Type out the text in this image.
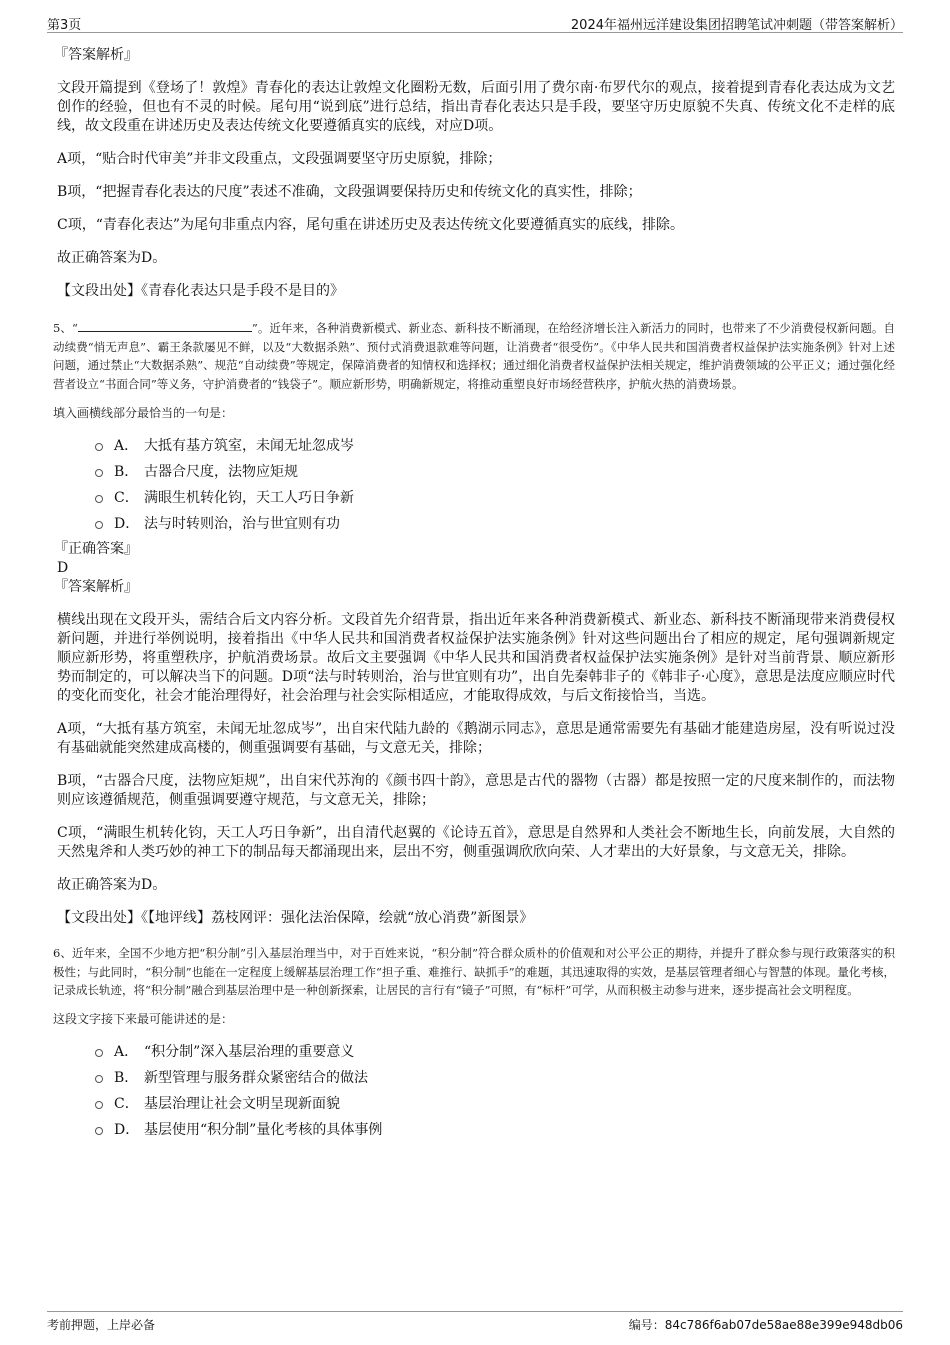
第3页	2024年福州远洋建设集团招聘笔试冲刺题（带答案解析）
『答案解析』

文段开篇提到《登场了！敦煌》青春化的表达让敦煌文化圈粉无数，后面引用了费尔南·布罗代尔的观点，接着提到青春化表达成为文艺创作的经验，但也有不灵的时候。尾句用“说到底”进行总结，指出青春化表达只是手段，要坚守历史原貌不失真、传统文化不走样的底线，故文段重在讲述历史及表达传统文化要遵循真实的底线，对应D项。

A项，“贴合时代审美”并非文段重点，文段强调要坚守历史原貌，排除；

B项，“把握青春化表达的尺度”表述不准确，文段强调要保持历史和传统文化的真实性，排除；

C项，“青春化表达”为尾句非重点内容，尾句重在讲述历史及表达传统文化要遵循真实的底线，排除。

故正确答案为D。

【文段出处】《青春化表达只是手段不是目的》

5、“	”。近年来，各种消费新模式、新业态、新科技不断涌现，在给经济增长注入新活力的同时，也带来了不少消费侵权新问题。自动续费“悄无声息”、霸王条款屡见不鲜，以及“大数据杀熟”、预付式消费退款难等问题，让消费者“很受伤”。《中华人民共和国消费者权益保护法实施条例》针对上述问题，通过禁止“大数据杀熟”、规范“自动续费”等规定，保障消费者的知情权和选择权；通过细化消费者权益保护法相关规定，维护消费领域的公平正义；通过强化经营者设立“书面合同”等义务，守护消费者的“钱袋子”。顺应新形势，明确新规定，将推动重塑良好市场经营秩序，护航火热的消费场景。

填入画横线部分最恰当的一句是：
A． 大抵有基方筑室，未闻无址忽成岑
B． 古器合尺度，法物应矩规
C． 满眼生机转化钧，天工人巧日争新
D． 法与时转则治，治与世宜则有功
『正确答案』
D
『答案解析』

横线出现在文段开头，需结合后文内容分析。文段首先介绍背景，指出近年来各种消费新模式、新业态、新科技不断涌现带来消费侵权新问题，并进行举例说明，接着指出《中华人民共和国消费者权益保护法实施条例》针对这些问题出台了相应的规定，尾句强调新规定顺应新形势，将重塑秩序，护航消费场景。故后文主要强调《中华人民共和国消费者权益保护法实施条例》是针对当前背景、顺应新形势而制定的，可以解决当下的问题。D项“法与时转则治，治与世宜则有功”，出自先秦韩非子的《韩非子·心度》，意思是法度应顺应时代的变化而变化，社会才能治理得好，社会治理与社会实际相适应，才能取得成效，与后文衔接恰当，当选。

A项，“大抵有基方筑室，未闻无址忽成岑”，出自宋代陆九龄的《鹅湖示同志》，意思是通常需要先有基础才能建造房屋，没有听说过没有基础就能突然建成高楼的，侧重强调要有基础，与文意无关，排除；

B项，“古器合尺度，法物应矩规”，出自宋代苏洵的《颜书四十韵》，意思是古代的器物（古器）都是按照一定的尺度来制作的，而法物则应该遵循规范，侧重强调要遵守规范，与文意无关，排除；

C项，“满眼生机转化钧，天工人巧日争新”，出自清代赵翼的《论诗五首》，意思是自然界和人类社会不断地生长，向前发展，大自然的天然鬼斧和人类巧妙的神工下的制品每天都涌现出来，层出不穷，侧重强调欣欣向荣、人才辈出的大好景象，与文意无关，排除。

故正确答案为D。

【文段出处】《【地评线】荔枝网评：强化法治保障，绘就“放心消费”新图景》

6、近年来，全国不少地方把“积分制”引入基层治理当中，对于百姓来说，“积分制”符合群众质朴的价值观和对公平公正的期待，并提升了群众参与现行政策落实的积极性；与此同时，“积分制”也能在一定程度上缓解基层治理工作“担子重、难推行、缺抓手”的难题，其迅速取得的实效，是基层管理者细心与智慧的体现。量化考核，记录成长轨迹，将“积分制”融合到基层治理中是一种创新探索，让居民的言行有“镜子”可照，有“标杆”可学，从而积极主动参与进来，逐步提高社会文明程度。

这段文字接下来最可能讲述的是：
A． “积分制”深入基层治理的重要意义
B． 新型管理与服务群众紧密结合的做法
C． 基层治理让社会文明呈现新面貌
D． 基层使用“积分制”量化考核的具体事例
考前押题，上岸必备	编号：84c786f6ab07de58ae88e399e948db06
